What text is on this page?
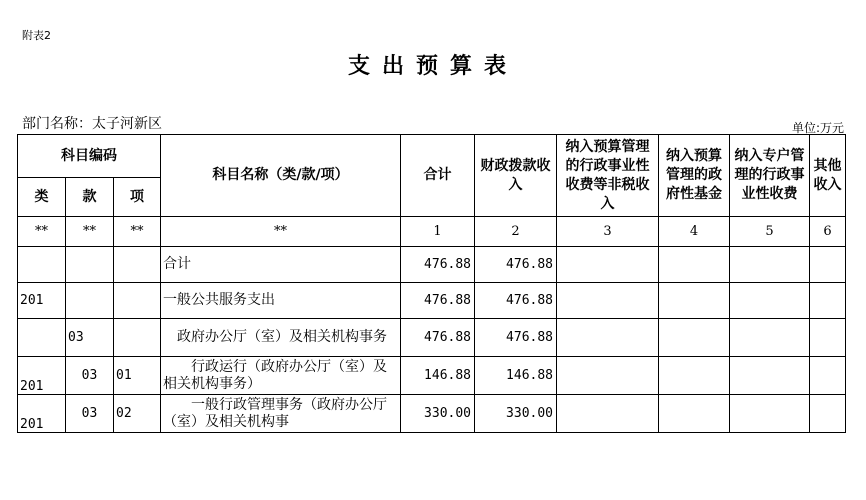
附表2
支出预算表
部门名称：太子河新区	单位:万元
科目编码			科目名称（类/款/项）	合计	财政拨款收入	纳入预算管理的行政事业性收费等非税收入	纳入预算管理的政府性基金	纳入专户管理的行政事业性收费	其他收入
类	款	项							
**	**	**	**	1	2	3	4	5	6
			合计	476.88	476.88				
201			一般公共服务支出	476.88	476.88				
	03		　政府办公厅（室）及相关机构事务	476.88	476.88				
201	03	01	　　行政运行（政府办公厅（室）及相关机构事务）	146.88	146.88				
201	03	02	　　一般行政管理事务（政府办公厅（室）及相关机构事	330.00	330.00				
